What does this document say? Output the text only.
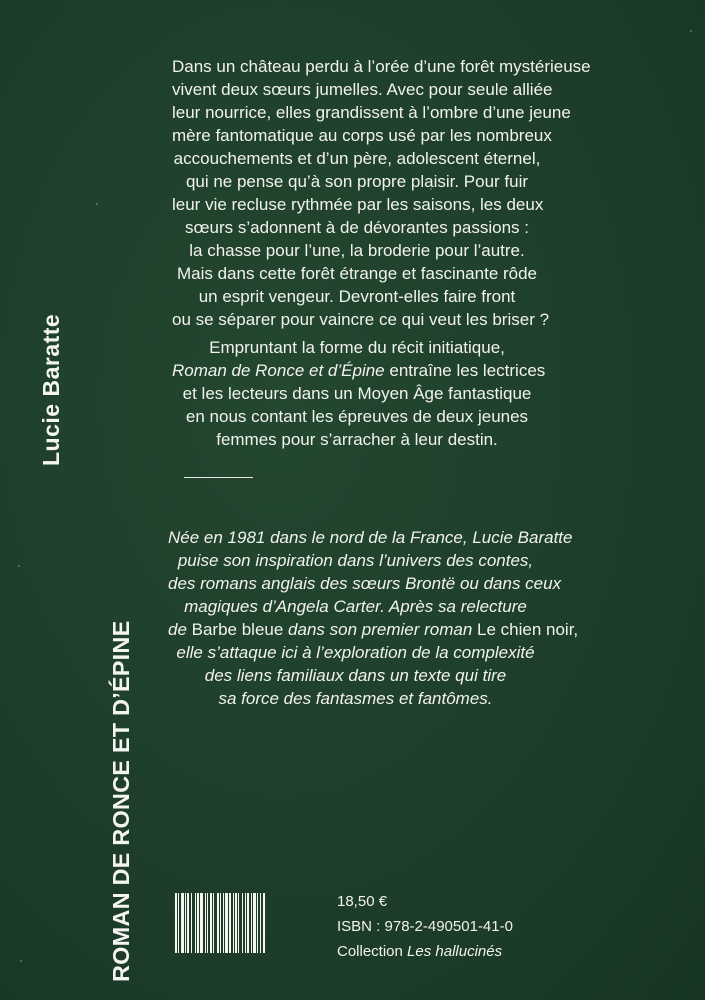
Lucie Baratte
ROMAN DE RONCE ET D’ÉPINE
Dans un château perdu à l’orée d’une forêt mystérieuse
vivent deux sœurs jumelles. Avec pour seule alliée
leur nourrice, elles grandissent à l’ombre d’une jeune
mère fantomatique au corps usé par les nombreux
accouchements et d’un père, adolescent éternel,
qui ne pense qu’à son propre plaisir. Pour fuir
leur vie recluse rythmée par les saisons, les deux
sœurs s’adonnent à de dévorantes passions :
la chasse pour l’une, la broderie pour l’autre.
Mais dans cette forêt étrange et fascinante rôde
un esprit vengeur. Devront-elles faire front
ou se séparer pour vaincre ce qui veut les briser ?
Empruntant la forme du récit initiatique,
Roman de Ronce et d’Épine entraîne les lectrices
et les lecteurs dans un Moyen Âge fantastique
en nous contant les épreuves de deux jeunes
femmes pour s’arracher à leur destin.
Née en 1981 dans le nord de la France, Lucie Baratte
puise son inspiration dans l’univers des contes,
des romans anglais des sœurs Brontë ou dans ceux
magiques d’Angela Carter. Après sa relecture
de Barbe bleue dans son premier roman Le chien noir,
elle s’attaque ici à l’exploration de la complexité
des liens familiaux dans un texte qui tire
sa force des fantasmes et fantômes.
18,50 €
ISBN : 978-2-490501-41-0
Collection Les hallucinés
